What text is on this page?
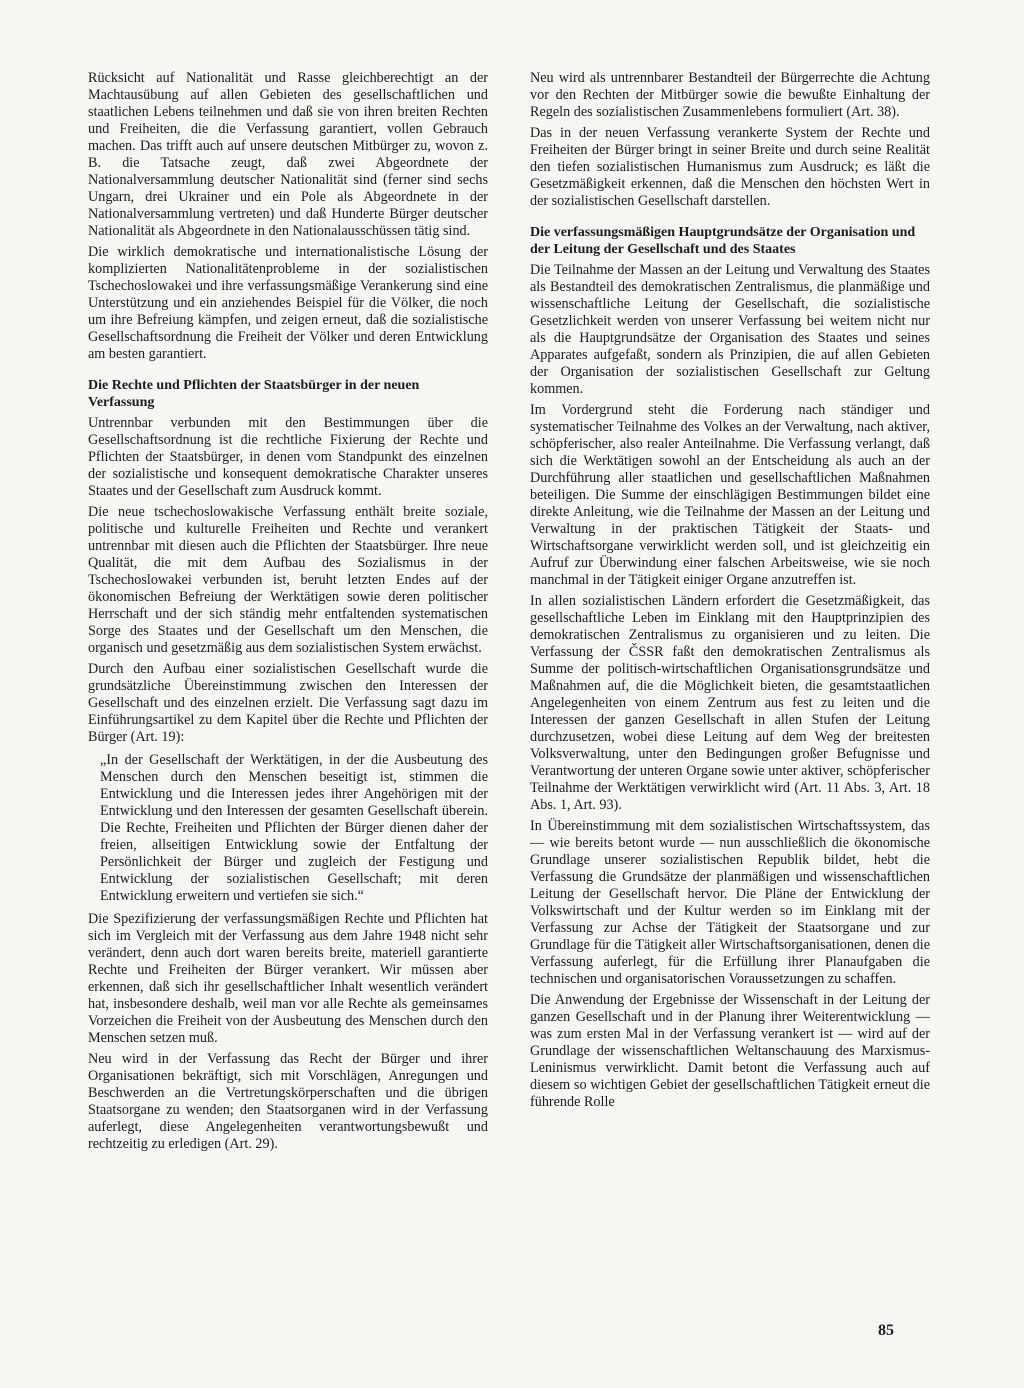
Rücksicht auf Nationalität und Rasse gleichberechtigt an der Machtausübung auf allen Gebieten des gesellschaftlichen und staatlichen Lebens teilnehmen und daß sie von ihren breiten Rechten und Freiheiten, die die Verfassung garantiert, vollen Gebrauch machen. Das trifft auch auf unsere deutschen Mitbürger zu, wovon z. B. die Tatsache zeugt, daß zwei Abgeordnete der Nationalversammlung deutscher Nationalität sind (ferner sind sechs Ungarn, drei Ukrainer und ein Pole als Abgeordnete in der Nationalversammlung vertreten) und daß Hunderte Bürger deutscher Nationalität als Abgeordnete in den Nationalausschüssen tätig sind.

Die wirklich demokratische und internationalistische Lösung der komplizierten Nationalitätenprobleme in der sozialistischen Tschechoslowakei und ihre verfassungsmäßige Verankerung sind eine Unterstützung und ein anziehendes Beispiel für die Völker, die noch um ihre Befreiung kämpfen, und zeigen erneut, daß die sozialistische Gesellschaftsordnung die Freiheit der Völker und deren Entwicklung am besten garantiert.

Die Rechte und Pflichten der Staatsbürger in der neuen Verfassung

Untrennbar verbunden mit den Bestimmungen über die Gesellschaftsordnung ist die rechtliche Fixierung der Rechte und Pflichten der Staatsbürger, in denen vom Standpunkt des einzelnen der sozialistische und konsequent demokratische Charakter unseres Staates und der Gesellschaft zum Ausdruck kommt.

Die neue tschechoslowakische Verfassung enthält breite soziale, politische und kulturelle Freiheiten und Rechte und verankert untrennbar mit diesen auch die Pflichten der Staatsbürger. Ihre neue Qualität, die mit dem Aufbau des Sozialismus in der Tschechoslowakei verbunden ist, beruht letzten Endes auf der ökonomischen Befreiung der Werktätigen sowie deren politischer Herrschaft und der sich ständig mehr entfaltenden systematischen Sorge des Staates und der Gesellschaft um den Menschen, die organisch und gesetzmäßig aus dem sozialistischen System erwächst.

Durch den Aufbau einer sozialistischen Gesellschaft wurde die grundsätzliche Übereinstimmung zwischen den Interessen der Gesellschaft und des einzelnen erzielt. Die Verfassung sagt dazu im Einführungsartikel zu dem Kapitel über die Rechte und Pflichten der Bürger (Art. 19):

„In der Gesellschaft der Werktätigen, in der die Ausbeutung des Menschen durch den Menschen beseitigt ist, stimmen die Entwicklung und die Interessen jedes ihrer Angehörigen mit der Entwicklung und den Interessen der gesamten Gesellschaft überein. Die Rechte, Freiheiten und Pflichten der Bürger dienen daher der freien, allseitigen Entwicklung sowie der Entfaltung der Persönlichkeit der Bürger und zugleich der Festigung und Entwicklung der sozialistischen Gesellschaft; mit deren Entwicklung erweitern und vertiefen sie sich.“

Die Spezifizierung der verfassungsmäßigen Rechte und Pflichten hat sich im Vergleich mit der Verfassung aus dem Jahre 1948 nicht sehr verändert, denn auch dort waren bereits breite, materiell garantierte Rechte und Freiheiten der Bürger verankert. Wir müssen aber erkennen, daß sich ihr gesellschaftlicher Inhalt wesentlich verändert hat, insbesondere deshalb, weil man vor alle Rechte als gemeinsames Vorzeichen die Freiheit von der Ausbeutung des Menschen durch den Menschen setzen muß.

Neu wird in der Verfassung das Recht der Bürger und ihrer Organisationen bekräftigt, sich mit Vorschlägen, Anregungen und Beschwerden an die Vertretungskörperschaften und die übrigen Staatsorgane zu wenden; den Staatsorganen wird in der Verfassung auferlegt, diese Angelegenheiten verantwortungsbewußt und rechtzeitig zu erledigen (Art. 29).

Neu wird als untrennbarer Bestandteil der Bürgerrechte die Achtung vor den Rechten der Mitbürger sowie die bewußte Einhaltung der Regeln des sozialistischen Zusammenlebens formuliert (Art. 38).

Das in der neuen Verfassung verankerte System der Rechte und Freiheiten der Bürger bringt in seiner Breite und durch seine Realität den tiefen sozialistischen Humanismus zum Ausdruck; es läßt die Gesetzmäßigkeit erkennen, daß die Menschen den höchsten Wert in der sozialistischen Gesellschaft darstellen.

Die verfassungsmäßigen Hauptgrundsätze der Organisation und der Leitung der Gesellschaft und des Staates

Die Teilnahme der Massen an der Leitung und Verwaltung des Staates als Bestandteil des demokratischen Zentralismus, die planmäßige und wissenschaftliche Leitung der Gesellschaft, die sozialistische Gesetzlichkeit werden von unserer Verfassung bei weitem nicht nur als die Hauptgrundsätze der Organisation des Staates und seines Apparates aufgefaßt, sondern als Prinzipien, die auf allen Gebieten der Organisation der sozialistischen Gesellschaft zur Geltung kommen.

Im Vordergrund steht die Forderung nach ständiger und systematischer Teilnahme des Volkes an der Verwaltung, nach aktiver, schöpferischer, also realer Anteilnahme. Die Verfassung verlangt, daß sich die Werktätigen sowohl an der Entscheidung als auch an der Durchführung aller staatlichen und gesellschaftlichen Maßnahmen beteiligen. Die Summe der einschlägigen Bestimmungen bildet eine direkte Anleitung, wie die Teilnahme der Massen an der Leitung und Verwaltung in der praktischen Tätigkeit der Staats- und Wirtschaftsorgane verwirklicht werden soll, und ist gleichzeitig ein Aufruf zur Überwindung einer falschen Arbeitsweise, wie sie noch manchmal in der Tätigkeit einiger Organe anzutreffen ist.

In allen sozialistischen Ländern erfordert die Gesetzmäßigkeit, das gesellschaftliche Leben im Einklang mit den Hauptprinzipien des demokratischen Zentralismus zu organisieren und zu leiten. Die Verfassung der ČSSR faßt den demokratischen Zentralismus als Summe der politisch-wirtschaftlichen Organisationsgrundsätze und Maßnahmen auf, die die Möglichkeit bieten, die gesamtstaatlichen Angelegenheiten von einem Zentrum aus fest zu leiten und die Interessen der ganzen Gesellschaft in allen Stufen der Leitung durchzusetzen, wobei diese Leitung auf dem Weg der breitesten Volksverwaltung, unter den Bedingungen großer Befugnisse und Verantwortung der unteren Organe sowie unter aktiver, schöpferischer Teilnahme der Werktätigen verwirklicht wird (Art. 11 Abs. 3, Art. 18 Abs. 1, Art. 93).

In Übereinstimmung mit dem sozialistischen Wirtschaftssystem, das — wie bereits betont wurde — nun ausschließlich die ökonomische Grundlage unserer sozialistischen Republik bildet, hebt die Verfassung die Grundsätze der planmäßigen und wissenschaftlichen Leitung der Gesellschaft hervor. Die Pläne der Entwicklung der Volkswirtschaft und der Kultur werden so im Einklang mit der Verfassung zur Achse der Tätigkeit der Staatsorgane und zur Grundlage für die Tätigkeit aller Wirtschaftsorganisationen, denen die Verfassung auferlegt, für die Erfüllung ihrer Planaufgaben die technischen und organisatorischen Voraussetzungen zu schaffen.

Die Anwendung der Ergebnisse der Wissenschaft in der Leitung der ganzen Gesellschaft und in der Planung ihrer Weiterentwicklung — was zum ersten Mal in der Verfassung verankert ist — wird auf der Grundlage der wissenschaftlichen Weltanschauung des Marxismus-Leninismus verwirklicht. Damit betont die Verfassung auch auf diesem so wichtigen Gebiet der gesellschaftlichen Tätigkeit erneut die führende Rolle

85
